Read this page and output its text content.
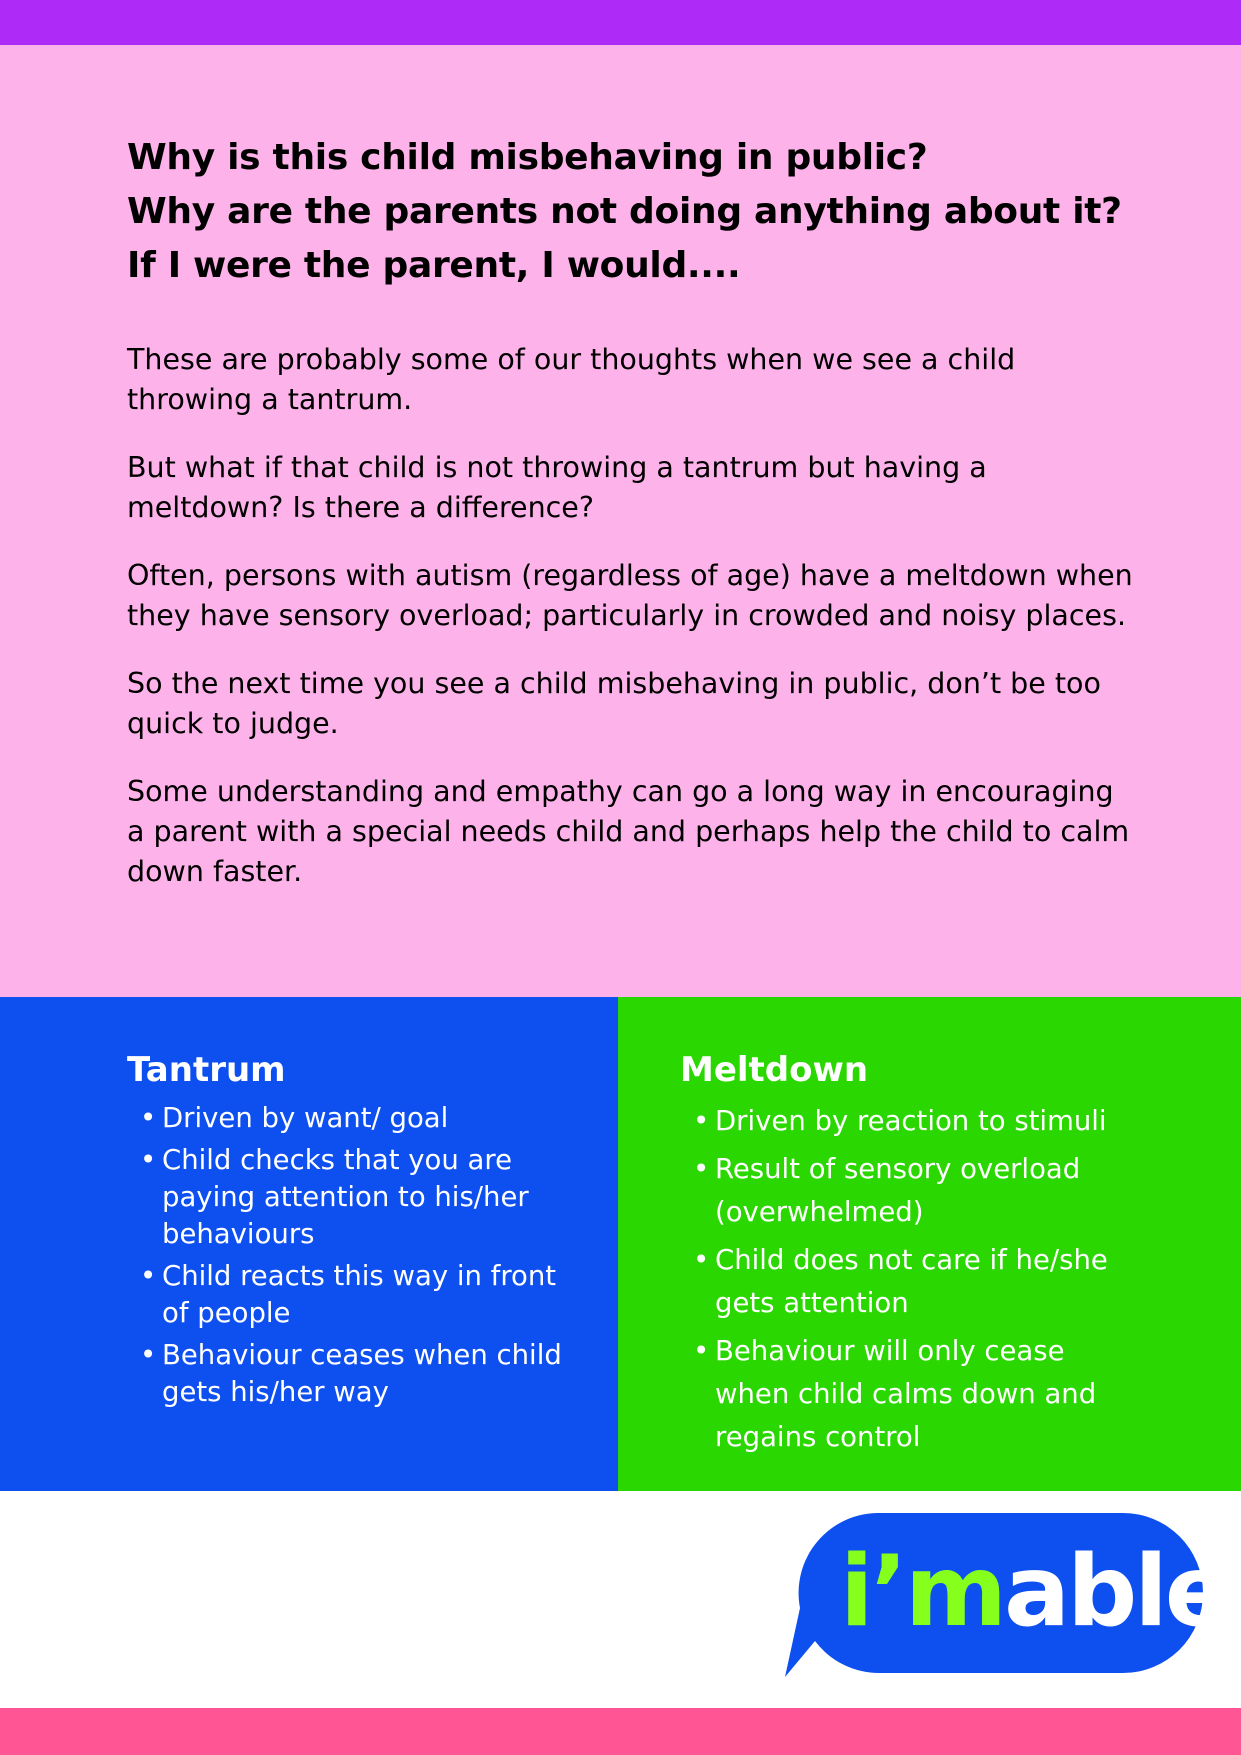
Why is this child misbehaving in public?
Why are the parents not doing anything about it?
If I were the parent, I would....

These are probably some of our thoughts when we see a child throwing a tantrum.

But what if that child is not throwing a tantrum but having a meltdown? Is there a difference?

Often, persons with autism (regardless of age) have a meltdown when they have sensory overload; particularly in crowded and noisy places.

So the next time you see a child misbehaving in public, don’t be too quick to judge.

Some understanding and empathy can go a long way in encouraging a parent with a special needs child and perhaps help the child to calm down faster.

Tantrum
• Driven by want/ goal
• Child checks that you are paying attention to his/her behaviours
• Child reacts this way in front of people
• Behaviour ceases when child gets his/her way
Meltdown
• Driven by reaction to stimuli
• Result of sensory overload (overwhelmed)
• Child does not care if he/she gets attention
• Behaviour will only cease when child calms down and regains control
i’mable
